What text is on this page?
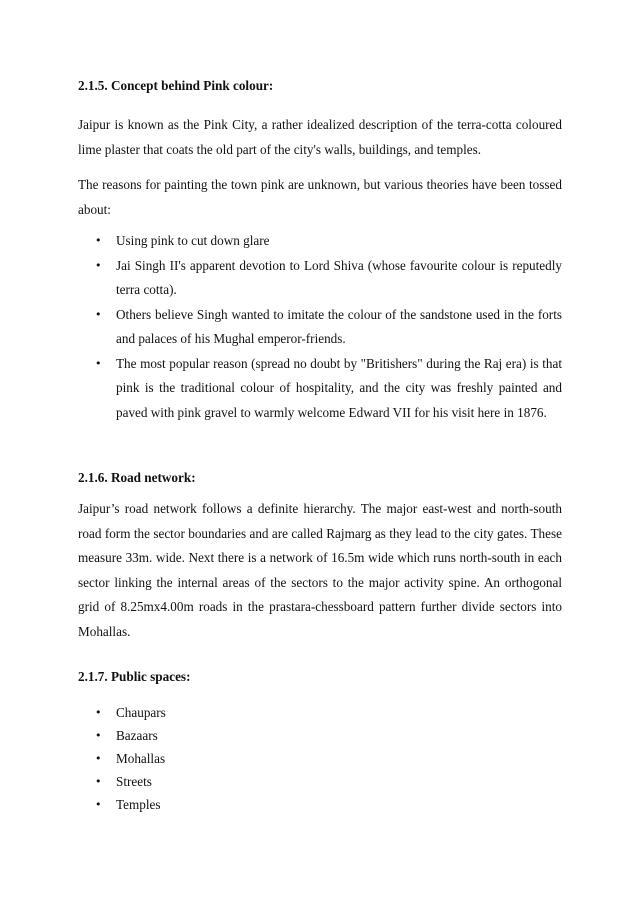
2.1.5. Concept behind Pink colour:

Jaipur is known as the Pink City, a rather idealized description of the terra-cotta coloured lime plaster that coats the old part of the city's walls, buildings, and temples.

The reasons for painting the town pink are unknown, but various theories have been tossed about:

• Using pink to cut down glare
• Jai Singh II's apparent devotion to Lord Shiva (whose favourite colour is reputedly terra cotta).
• Others believe Singh wanted to imitate the colour of the sandstone used in the forts and palaces of his Mughal emperor-friends.
• The most popular reason (spread no doubt by "Britishers" during the Raj era) is that pink is the traditional colour of hospitality, and the city was freshly painted and paved with pink gravel to warmly welcome Edward VII for his visit here in 1876.
2.1.6. Road network:

Jaipur’s road network follows a definite hierarchy. The major east-west and north-south road form the sector boundaries and are called Rajmarg as they lead to the city gates. These measure 33m. wide. Next there is a network of 16.5m wide which runs north-south in each sector linking the internal areas of the sectors to the major activity spine. An orthogonal grid of 8.25mx4.00m roads in the prastara-chessboard pattern further divide sectors into Mohallas.

2.1.7. Public spaces:
• Chaupars
• Bazaars
• Mohallas
• Streets
• Temples
